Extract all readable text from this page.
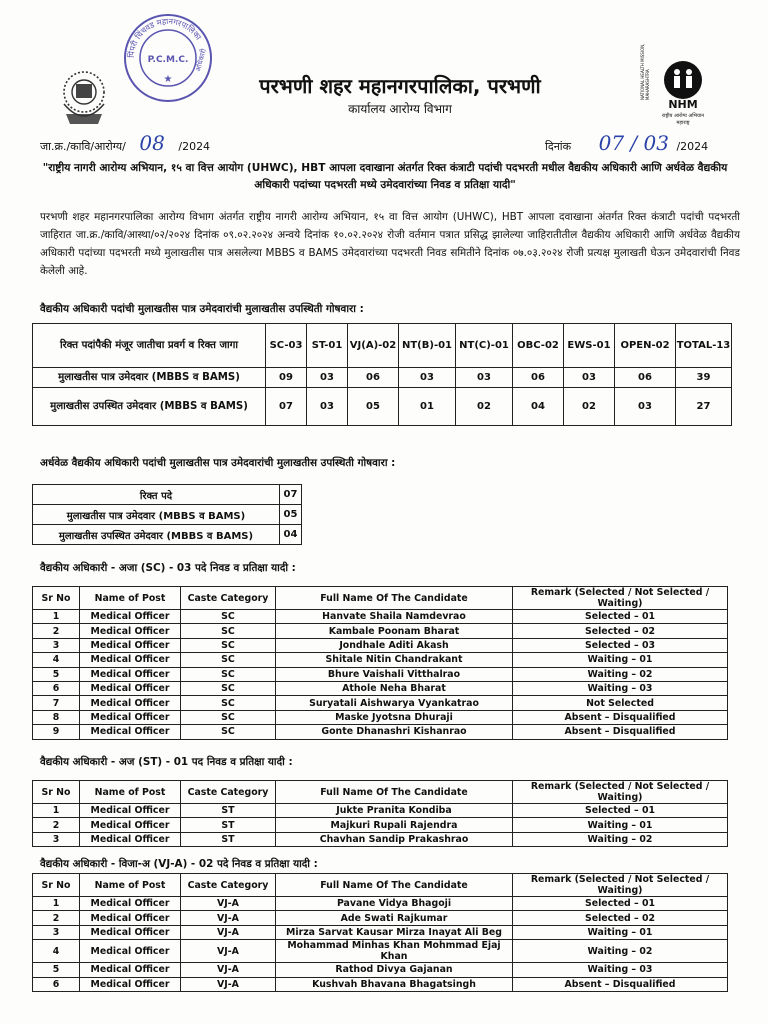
पिंपरी चिंचवड महानगरपालिका
P.C.M.C.
★
अधिकारी
NHM
राष्ट्रीय आरोग्य अभियान
महाराष्ट्र
NATIONAL HEALTH MISSION, MAHARASHTRA
परभणी शहर महानगरपालिका, परभणी
कार्यालय आरोग्य विभाग
जा.क्र./कावि/आरोग्य/ 08 /2024	दिनांक 07 / 03 /2024
"राष्ट्रीय नागरी आरोग्य अभियान, १५ वा वित्त आयोग (UHWC), HBT आपला दवाखाना अंतर्गत रिक्त कंत्राटी पदांची पदभरती मधील वैद्यकीय अधिकारी आणि अर्धवेळ वैद्यकीय अधिकारी पदांच्या पदभरती मध्ये उमेदवारांच्या निवड व प्रतिक्षा यादी"
परभणी शहर महानगरपालिका आरोग्य विभाग अंतर्गत राष्ट्रीय नागरी आरोग्य अभियान, १५ वा वित्त आयोग (UHWC), HBT आपला दवाखाना अंतर्गत रिक्त कंत्राटी पदांची पदभरती जाहिरात जा.क्र./कावि/आस्था/०२/२०२४ दिनांक ०९.०२.२०२४ अन्वये दिनांक १०.०२.२०२४ रोजी वर्तमान पत्रात प्रसिद्ध झालेल्या जाहिरातीतील वैद्यकीय अधिकारी आणि अर्धवेळ वैद्यकीय अधिकारी पदांच्या पदभरती मध्ये मुलाखतीस पात्र असलेल्या MBBS व BAMS उमेदवारांच्या पदभरती निवड समितीने दिनांक ०७.०३.२०२४ रोजी प्रत्यक्ष मुलाखती घेऊन उमेदवारांची निवड केलेली आहे.
वैद्यकीय अधिकारी पदांची मुलाखतीस पात्र उमेदवारांची मुलाखतीस उपस्थिती गोषवारा :
रिक्त पदांपैकी मंजूर जातीचा प्रवर्ग व रिक्त जागा	SC-03	ST-01	VJ(A)-02	NT(B)-01	NT(C)-01	OBC-02	EWS-01	OPEN-02	TOTAL-13
मुलाखतीस पात्र उमेदवार (MBBS व BAMS)	09	03	06	03	03	06	03	06	39
मुलाखतीस उपस्थित उमेदवार (MBBS व BAMS)	07	03	05	01	02	04	02	03	27
अर्धवेळ वैद्यकीय अधिकारी पदांची मुलाखतीस पात्र उमेदवारांची मुलाखतीस उपस्थिती गोषवारा :
रिक्त पदे	07
मुलाखतीस पात्र उमेदवार (MBBS व BAMS)	05
मुलाखतीस उपस्थित उमेदवार (MBBS व BAMS)	04
वैद्यकीय अधिकारी - अजा (SC) - 03 पदे निवड व प्रतिक्षा यादी :
Sr No	Name of Post	Caste Category	Full Name Of The Candidate	Remark (Selected / Not Selected / Waiting)
1	Medical Officer	SC	Hanvate Shaila Namdevrao	Selected – 01
2	Medical Officer	SC	Kambale Poonam Bharat	Selected – 02
3	Medical Officer	SC	Jondhale Aditi Akash	Selected – 03
4	Medical Officer	SC	Shitale Nitin Chandrakant	Waiting – 01
5	Medical Officer	SC	Bhure Vaishali Vitthalrao	Waiting – 02
6	Medical Officer	SC	Athole Neha Bharat	Waiting – 03
7	Medical Officer	SC	Suryatali Aishwarya Vyankatrao	Not Selected
8	Medical Officer	SC	Maske Jyotsna Dhuraji	Absent – Disqualified
9	Medical Officer	SC	Gonte Dhanashri Kishanrao	Absent – Disqualified
वैद्यकीय अधिकारी - अज (ST) - 01 पद निवड व प्रतिक्षा यादी :
Sr No	Name of Post	Caste Category	Full Name Of The Candidate	Remark (Selected / Not Selected / Waiting)
1	Medical Officer	ST	Jukte Pranita Kondiba	Selected – 01
2	Medical Officer	ST	Majkuri Rupali Rajendra	Waiting – 01
3	Medical Officer	ST	Chavhan Sandip Prakashrao	Waiting – 02
वैद्यकीय अधिकारी - विजा-अ (VJ-A) - 02 पदे निवड व प्रतिक्षा यादी :
Sr No	Name of Post	Caste Category	Full Name Of The Candidate	Remark (Selected / Not Selected / Waiting)
1	Medical Officer	VJ-A	Pavane Vidya Bhagoji	Selected – 01
2	Medical Officer	VJ-A	Ade Swati Rajkumar	Selected – 02
3	Medical Officer	VJ-A	Mirza Sarvat Kausar Mirza Inayat Ali Beg	Waiting – 01
4	Medical Officer	VJ-A	Mohammad Minhas Khan Mohmmad Ejaj Khan	Waiting – 02
5	Medical Officer	VJ-A	Rathod Divya Gajanan	Waiting – 03
6	Medical Officer	VJ-A	Kushvah Bhavana Bhagatsingh	Absent – Disqualified
